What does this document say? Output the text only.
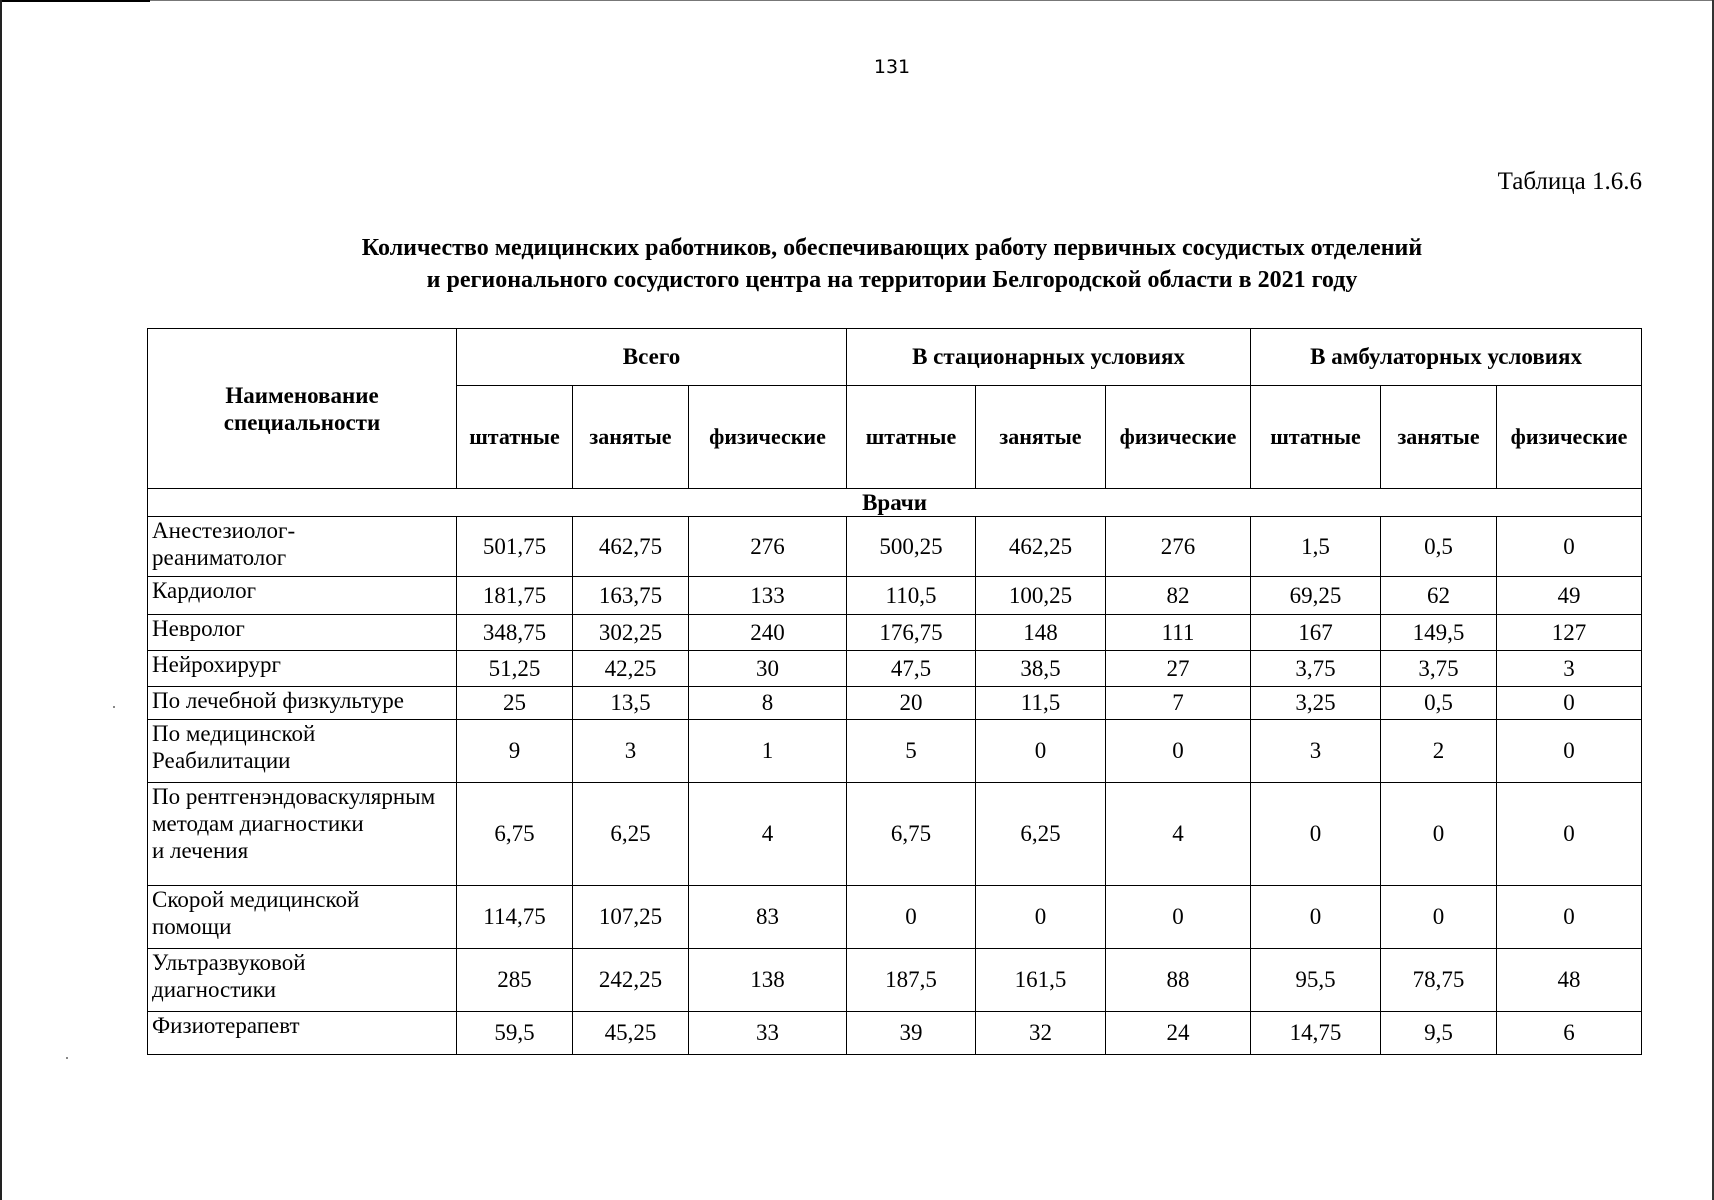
131
Таблица 1.6.6
Количество медицинских работников, обеспечивающих работу первичных сосудистых отделений
и регионального сосудистого центра на территории Белгородской области в 2021 году
Наименование
специальности	Всего			В стационарных условиях			В амбулаторных условиях		
	штатные	занятые	физические	штатные	занятые	физические	штатные	занятые	физические
Врачи									

Анестезиолог-
реаниматолог	501,75	462,75	276	500,25	462,25	276	1,5	0,5	0

Кардиолог	181,75	163,75	133	110,5	100,25	82	69,25	62	49

Невролог	348,75	302,25	240	176,75	148	111	167	149,5	127

Нейрохирург	51,25	42,25	30	47,5	38,5	27	3,75	3,75	3

По лечебной физкультуре	25	13,5	8	20	11,5	7	3,25	0,5	0

По медицинской
Реабилитации	9	3	1	5	0	0	3	2	0

По рентгенэндоваскулярным
методам диагностики
и лечения	6,75	6,25	4	6,75	6,25	4	0	0	0

Скорой медицинской
помощи	114,75	107,25	83	0	0	0	0	0	0

Ультразвуковой
диагностики	285	242,25	138	187,5	161,5	88	95,5	78,75	48

Физиотерапевт	59,5	45,25	33	39	32	24	14,75	9,5	6
